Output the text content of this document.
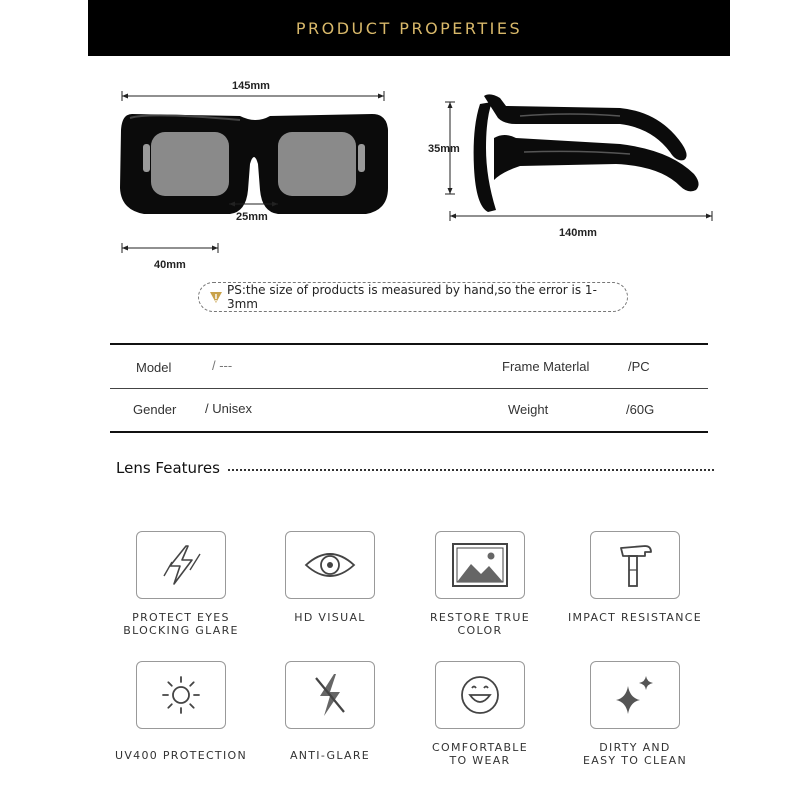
PRODUCT PROPERTIES
145mm
25mm
40mm
35mm
140mm
PS:the size of products is measured by hand,so the error is 1-3mm
Model	/ ---	Frame Materlal	/PC
Gender / Unisex	Weight	/60G
Lens Features
PROTECT EYES
BLOCKING GLARE
HD VISUAL	RESTORE TRUE COLOR
IMPACT RESISTANCE
UV400 PROTECTION	ANTI-GLARE
COMFORTABLE
TO WEAR
DIRTY AND
EASY TO CLEAN
